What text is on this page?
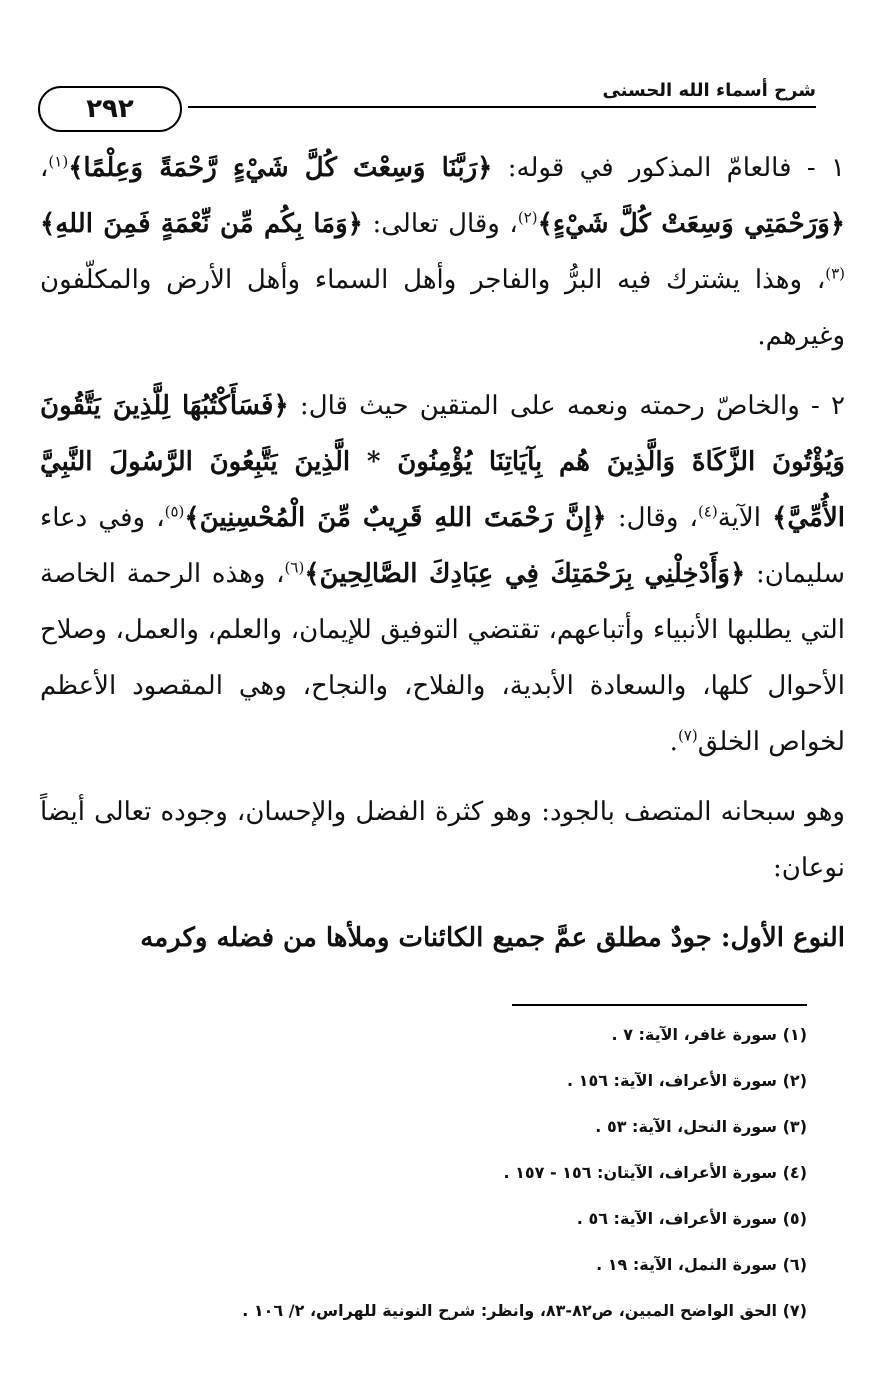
شرح أسماء الله الحسنى
٢٩٢

١ - فالعامّ المذكور في قوله: ﴿رَبَّنَا وَسِعْتَ كُلَّ شَيْءٍ رَّحْمَةً وَعِلْمًا﴾$^{(١)}$، ﴿وَرَحْمَتِي وَسِعَتْ كُلَّ شَيْءٍ﴾$^{(٢)}$، وقال تعالى: ﴿وَمَا بِكُم مِّن نِّعْمَةٍ فَمِنَ اللهِ﴾$^{(٣)}$، وهذا يشترك فيه البرُّ والفاجر وأهل السماء وأهل الأرض والمكلّفون وغيرهم.

٢ - والخاصّ رحمته ونعمه على المتقين حيث قال: ﴿فَسَأَكْتُبُهَا لِلَّذِينَ يَتَّقُونَ وَيُؤْتُونَ الزَّكَاةَ وَالَّذِينَ هُم بِآيَاتِنَا يُؤْمِنُونَ * الَّذِينَ يَتَّبِعُونَ الرَّسُولَ النَّبِيَّ الأُمِّيَّ﴾ الآية$^{(٤)}$، وقال: ﴿إِنَّ رَحْمَتَ اللهِ قَرِيبٌ مِّنَ الْمُحْسِنِينَ﴾$^{(٥)}$، وفي دعاء سليمان: ﴿وَأَدْخِلْنِي بِرَحْمَتِكَ فِي عِبَادِكَ الصَّالِحِينَ﴾$^{(٦)}$، وهذه الرحمة الخاصة التي يطلبها الأنبياء وأتباعهم، تقتضي التوفيق للإيمان، والعلم، والعمل، وصلاح الأحوال كلها، والسعادة الأبدية، والفلاح، والنجاح، وهي المقصود الأعظم لخواص الخلق$^{(٧)}$.

وهو سبحانه المتصف بالجود: وهو كثرة الفضل والإحسان، وجوده تعالى أيضاً نوعان:

النوع الأول: جودٌ مطلق عمَّ جميع الكائنات وملأها من فضله وكرمه

(١) سورة غافر، الآية: ٧ .
(٢) سورة الأعراف، الآية: ١٥٦ .
(٣) سورة النحل، الآية: ٥٣ .
(٤) سورة الأعراف، الآيتان: ١٥٦ - ١٥٧ .
(٥) سورة الأعراف، الآية: ٥٦ .
(٦) سورة النمل، الآية: ١٩ .
(٧) الحق الواضح المبين، ص٨٢-٨٣، وانظر: شرح النونية للهراس، ٢/ ١٠٦ .
